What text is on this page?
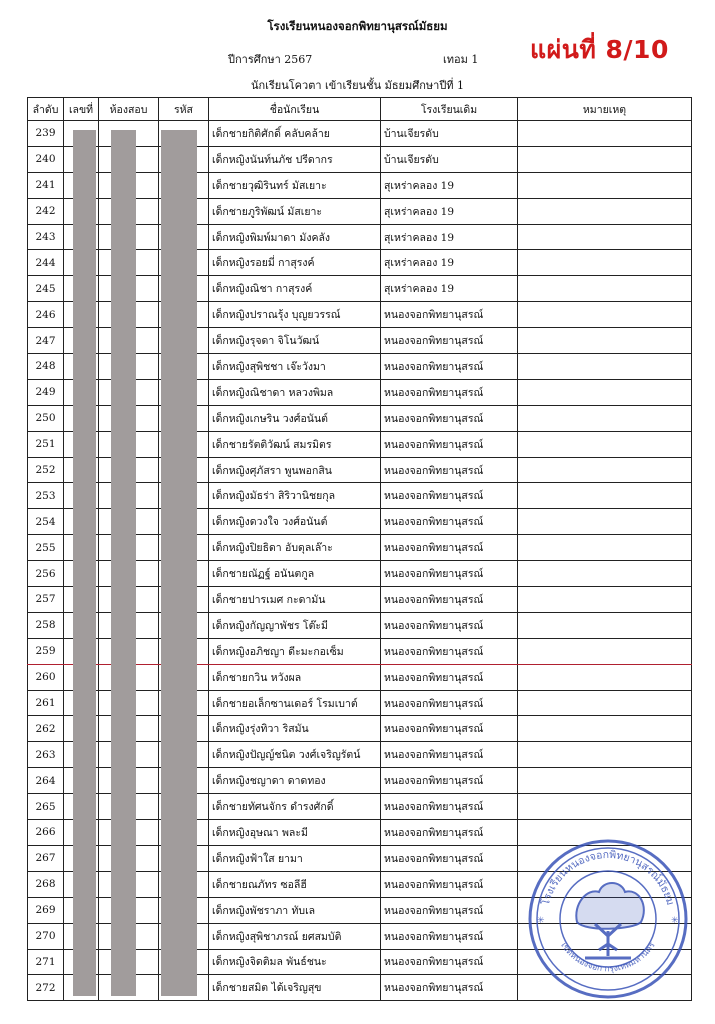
โรงเรียนหนองจอกพิทยานุสรณ์มัธยม
ปีการศึกษา 2567	เทอม 1 แผ่นที่ 8/10
นักเรียนโควตา เข้าเรียนชั้น มัธยมศึกษาปีที่ 1
ลำดับ	เลขที่	ห้องสอบ	รหัส	ชื่อนักเรียน	โรงเรียนเดิม	หมายเหตุ
239				เด็กชายกิติศักดิ์ คลับคล้าย	บ้านเจียรดับ	
240				เด็กหญิงนันท์นภัช ปรีดากร	บ้านเจียรดับ	
241				เด็กชายวุฒิรินทร์ มัสเยาะ	สุเหร่าคลอง 19	
242				เด็กชายภูริพัฒน์ มัสเยาะ	สุเหร่าคลอง 19	
243				เด็กหญิงพิมพ์มาดา มังคลัง	สุเหร่าคลอง 19	
244				เด็กหญิงรอยมี่ กาสุรงค์	สุเหร่าคลอง 19	
245				เด็กหญิงณิชา กาสุรงค์	สุเหร่าคลอง 19	
246				เด็กหญิงปราณรุ้ง บุญยวรรณ์	หนองจอกพิทยานุสรณ์	
247				เด็กหญิงรุจดา จิโนวัฒน์	หนองจอกพิทยานุสรณ์	
248				เด็กหญิงสุพิชชา เจ๊ะวังมา	หนองจอกพิทยานุสรณ์	
249				เด็กหญิงณิชาดา หลวงพิมล	หนองจอกพิทยานุสรณ์	
250				เด็กหญิงเกษริน วงศ์อนันต์	หนองจอกพิทยานุสรณ์	
251				เด็กชายรัตติวัฒน์ สมรมิตร	หนองจอกพิทยานุสรณ์	
252				เด็กหญิงศุภัสรา พูนพอกสิน	หนองจอกพิทยานุสรณ์	
253				เด็กหญิงมัธร่า สิริวานิชยกุล	หนองจอกพิทยานุสรณ์	
254				เด็กหญิงดวงใจ วงศ์อนันต์	หนองจอกพิทยานุสรณ์	
255				เด็กหญิงปิยธิดา อับดุลเล๊าะ	หนองจอกพิทยานุสรณ์	
256				เด็กชายณัฏฐ์ อนันตกูล	หนองจอกพิทยานุสรณ์	
257				เด็กชายปารเมศ กะดามัน	หนองจอกพิทยานุสรณ์	
258				เด็กหญิงกัญญาพัชร โต๊ะมี	หนองจอกพิทยานุสรณ์	
259				เด็กหญิงอภิชญา ดีะมะกอเซ็ม	หนองจอกพิทยานุสรณ์	
260				เด็กชายกวิน หวังผล	หนองจอกพิทยานุสรณ์	
261				เด็กชายอเล็กซานเดอร์ โรมเบาต์	หนองจอกพิทยานุสรณ์	
262				เด็กหญิงรุ่งทิวา ริสมัน	หนองจอกพิทยานุสรณ์	
263				เด็กหญิงปัญญ์ชนิต วงศ์เจริญรัตน์	หนองจอกพิทยานุสรณ์	
264				เด็กหญิงชญาดา ดาดทอง	หนองจอกพิทยานุสรณ์	
265				เด็กชายทัศนจักร ดำรงศักดิ์	หนองจอกพิทยานุสรณ์	
266				เด็กหญิงอุษณา พละมี	หนองจอกพิทยานุสรณ์	
267				เด็กหญิงฟ้าใส ยามา	หนองจอกพิทยานุสรณ์	
268				เด็กชายณภัทร ซอลีฮี	หนองจอกพิทยานุสรณ์	
269				เด็กหญิงพัชราภา ทับเล	หนองจอกพิทยานุสรณ์	
270				เด็กหญิงสุพิชาภรณ์ ยศสมบัติ	หนองจอกพิทยานุสรณ์	
271				เด็กหญิงจิดติมล พันธ์ชนะ	หนองจอกพิทยานุสรณ์	
272				เด็กชายสมิต ได้เจริญสุข	หนองจอกพิทยานุสรณ์	
โรงเรียนหนองจอกพิทยานุสรณ์มัธยม
เขตหนองจอก กรุงเทพมหานคร
✳	✳
